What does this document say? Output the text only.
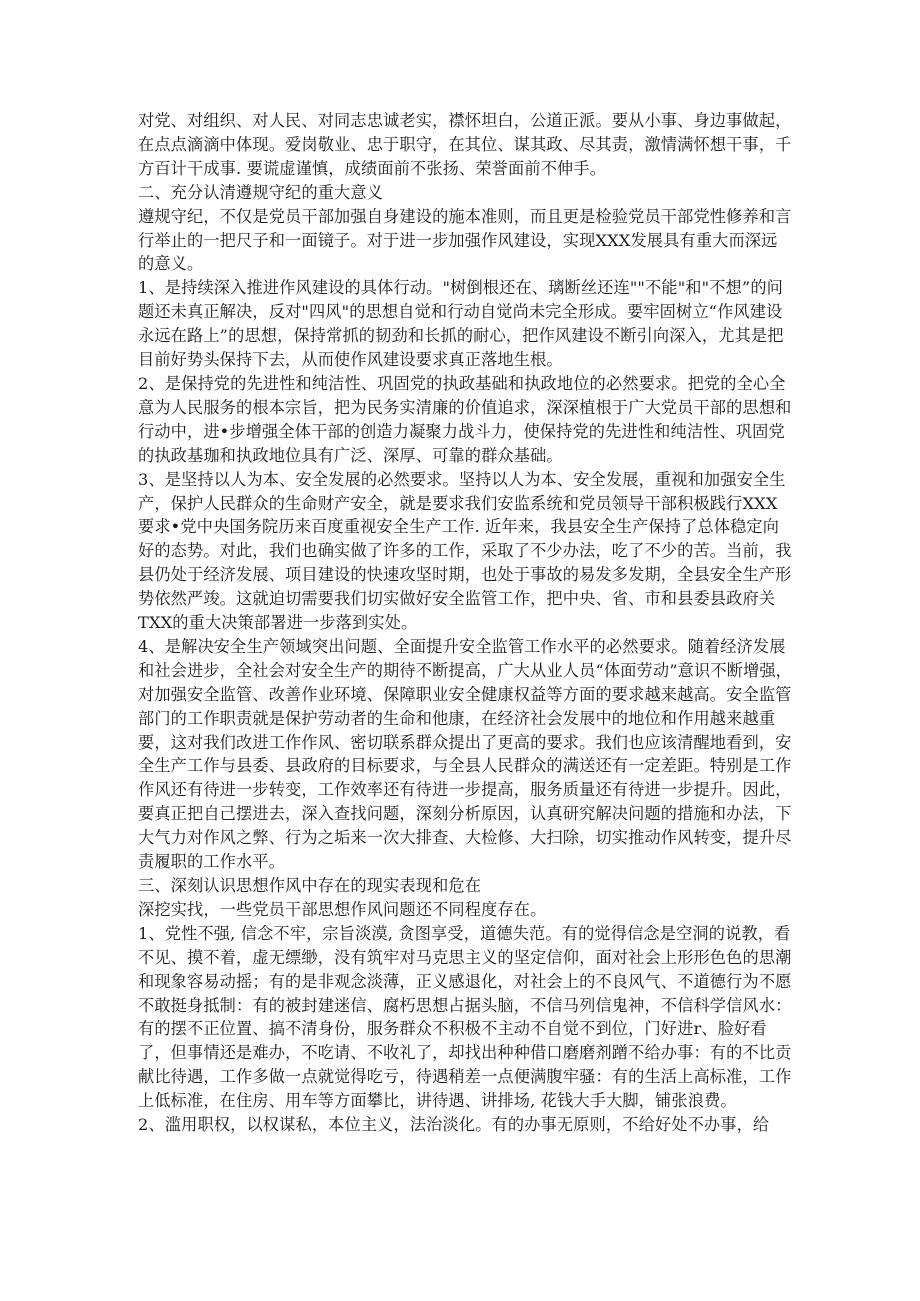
对党、对组织、对人民、对同志忠诚老实，襟怀坦白，公道正派。要从小事、身边事做起，在点点滴滴中体现。爱岗敬业、忠于职守，在其位、谋其政、尽其责，激情满怀想干事，千方百计干成事. 要谎虚谨慎，成绩面前不张扬、荣誉面前不伸手。

二、充分认清遵规守纪的重大意义

遵规守纪，不仅是党员干部加强自身建设的施本准则，而且更是检验党员干部党性修养和言行举止的一把尺子和一面镜子。对于进一步加强作风建设，实现XXX发展具有重大而深远的意义。

1、是持续深入推进作风建设的具体行动。"树倒根还在、璃断丝还连""不能"和"不想”的问题还未真正解决，反对"四风"的思想自觉和行动自觉尚未完全形成。要牢固树立“作风建设永远在路上”的思想，保持常抓的韧劲和长抓的耐心，把作风建设不断引向深入，尤其是把目前好势头保持下去，从而使作风建设要求真正落地生根。

2、是保持党的先进性和纯洁性、巩固党的执政基础和执政地位的必然要求。把党的全心全意为人民服务的根本宗旨，把为民务实清廉的价值追求，深深植根于广大党员干部的思想和行动中，进•步增强全体干部的创造力凝聚力战斗力，使保持党的先进性和纯洁性、巩固党的执政基珈和执政地位具有广泛、深厚、可靠的群众基础。

3、是坚持以人为本、安全发展的必然要求。坚持以人为本、安全发展，重视和加强安全生产，保护人民群众的生命财产安全，就是要求我们安监系统和党员领导干部积极践行XXX要求•党中央国务院历来百度重视安全生产工作. 近年来，我县安全生产保持了总体稳定向好的态势。对此，我们也确实做了许多的工作，采取了不少办法，吃了不少的苦。当前，我县仍处于经济发展、项目建设的快速攻坚时期，也处于事故的易发多发期，全县安全生产形势依然严竣。这就迫切需要我们切实做好安全监管工作，把中央、省、市和县委县政府关TXX的重大决策部署进一步落到实处。

4、是解决安全生产领域突出问题、全面提升安全监管工作水平的必然要求。随着经济发展和社会进步，全社会对安全生产的期待不断提高，广大从业人员“体面劳动”意识不断增强，对加强安全监管、改善作业环境、保障职业安全健康权益等方面的要求越来越高。安全监管部门的工作职责就是保护劳动者的生命和他康，在经济社会发展中的地位和作用越来越重要，这对我们改进工作作风、密切联系群众提出了更高的要求。我们也应该清醒地看到，安全生产工作与县委、县政府的目标要求，与全县人民群众的满送还有一定差距。特别是工作作风还有待进一步转变，工作效率还有待进一步提高，服务质量还有待进一步提升。因此，要真正把自己摆进去，深入查找问题，深刻分析原因，认真研究解决问题的措施和办法，下大气力对作风之弊、行为之垢来一次大排查、大检修、大扫除，切实推动作风转变，提升尽责履职的工作水平。

三、深刻认识思想作风中存在的现实表现和危在

深挖实找，一些党员干部思想作风问题还不同程度存在。

1、党性不强, 信念不牢，宗旨淡漠, 贪图享受，道德失范。有的觉得信念是空洞的说教，看不见、摸不着，虚无缥缈，没有筑牢对马克思主义的坚定信仰，面对社会上形形色色的思潮和现象容易动摇；有的是非观念淡薄，正义感退化，对社会上的不良风气、不道德行为不愿不敢挺身抵制：有的被封建迷信、腐朽思想占据头脑，不信马列信鬼神，不信科学信风水：有的摆不正位置、搞不清身份，服务群众不积极不主动不自觉不到位，门好进r、脸好看了，但事情还是难办，不吃请、不收礼了，却找出种种借口磨磨剂蹭不给办事：有的不比贡献比待遇，工作多做一点就觉得吃亏，待遇稍差一点便满腹牢骚：有的生活上高标准，工作上低标准，在住房、用车等方面攀比，讲待遇、讲排场, 花钱大手大脚，铺张浪费。

2、滥用职权，以权谋私，本位主义，法治淡化。有的办事无原则，不给好处不办事，给
